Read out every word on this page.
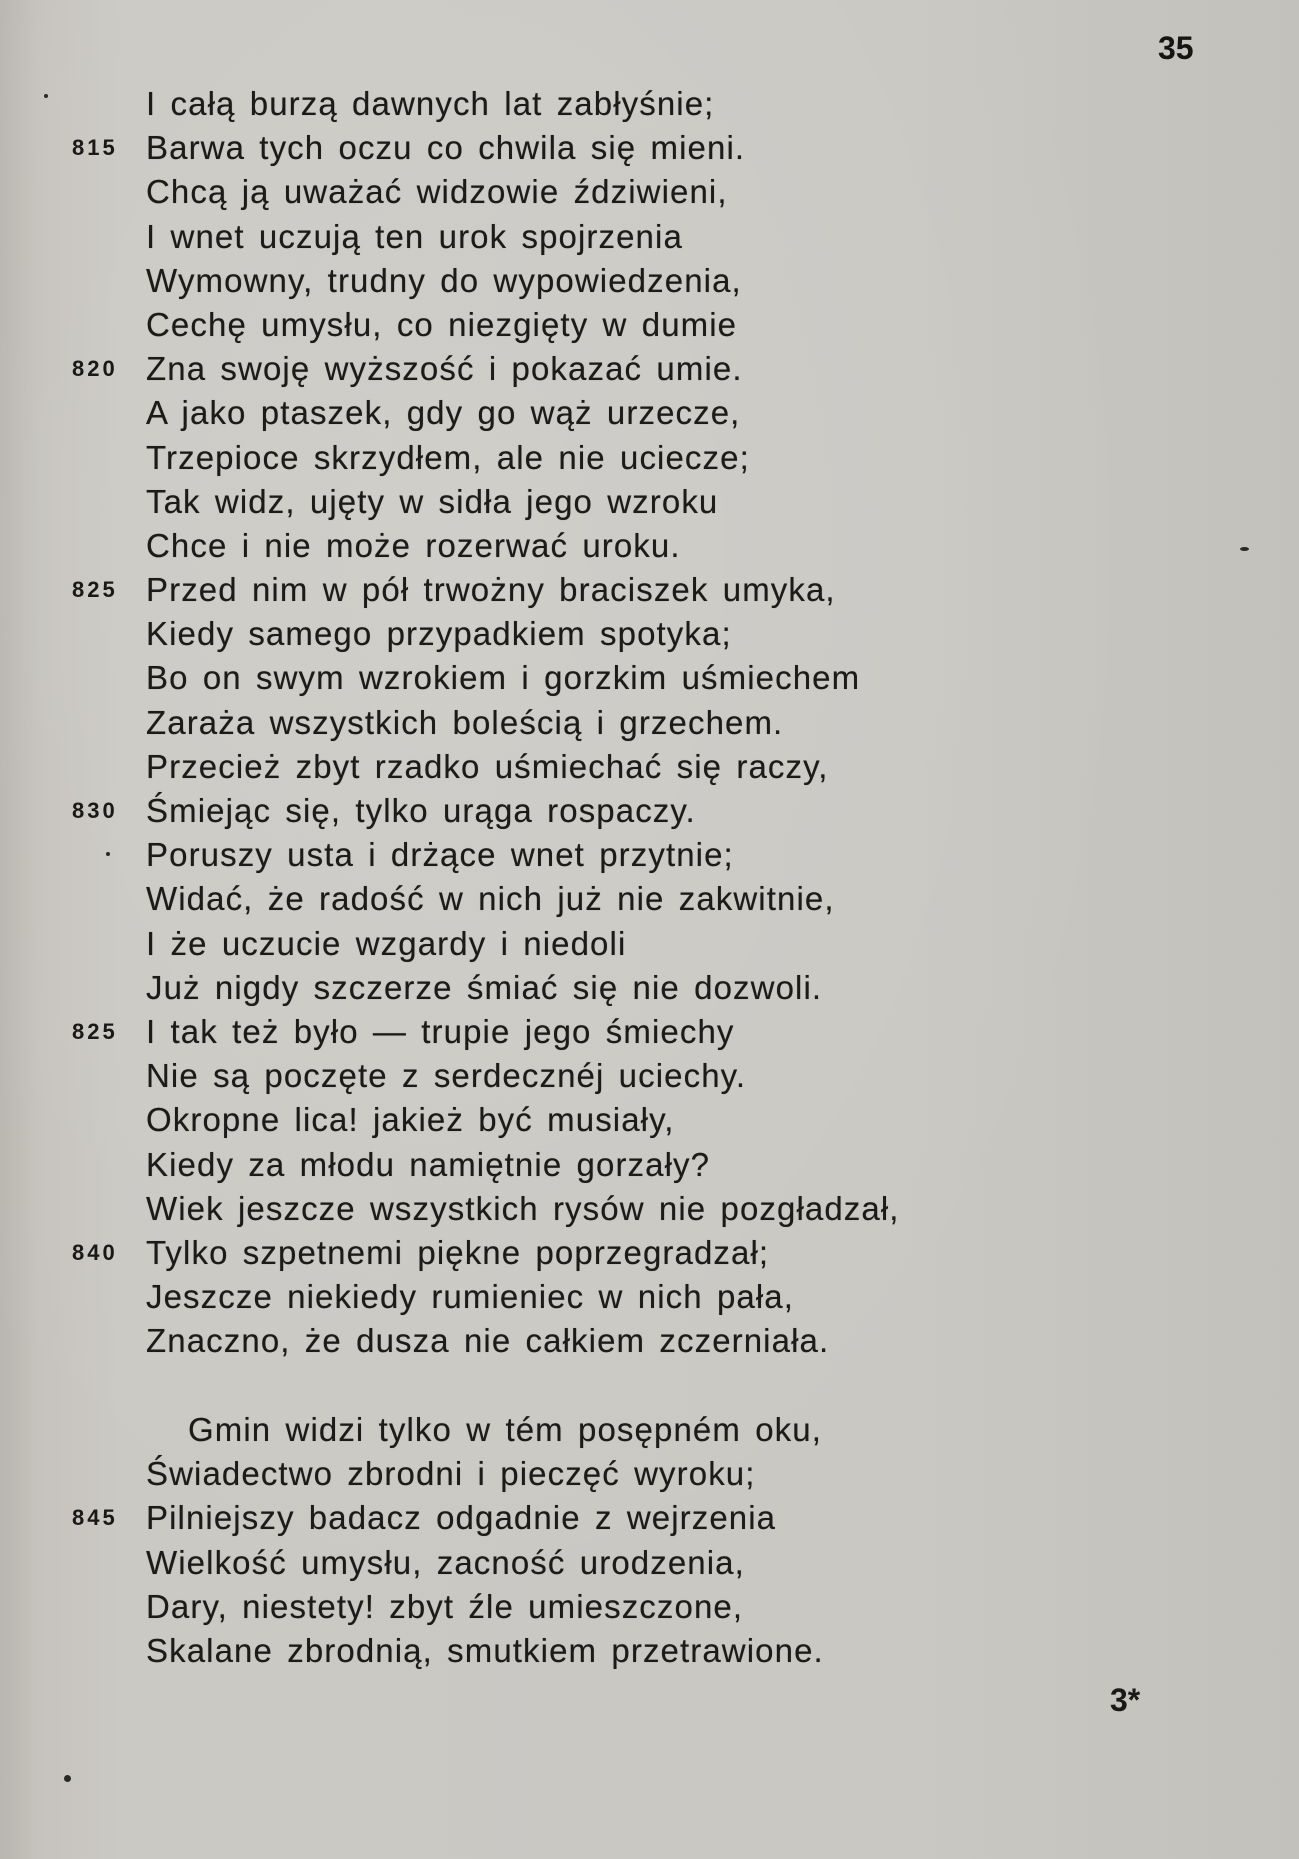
35
I całą burzą dawnych lat zabłyśnie;
815 Barwa tych oczu co chwila się mieni.
Chcą ją uważać widzowie ździwieni,
I wnet uczują ten urok spojrzenia
Wymowny, trudny do wypowiedzenia,
Cechę umysłu, co niezgięty w dumie
820 Zna swoję wyższość i pokazać umie.
A jako ptaszek, gdy go wąż urzecze,
Trzepioce skrzydłem, ale nie uciecze;
Tak widz, ujęty w sidła jego wzroku
Chce i nie może rozerwać uroku.
825 Przed nim w pół trwożny braciszek umyka,
Kiedy samego przypadkiem spotyka;
Bo on swym wzrokiem i gorzkim uśmiechem
Zaraża wszystkich boleścią i grzechem.
Przecież zbyt rzadko uśmiechać się raczy,
830 Śmiejąc się, tylko urąga rospaczy.
Poruszy usta i drżące wnet przytnie;
Widać, że radość w nich już nie zakwitnie,
I że uczucie wzgardy i niedoli
Już nigdy szczerze śmiać się nie dozwoli.
825 I tak też było — trupie jego śmiechy
Nie są poczęte z serdecznéj uciechy.
Okropne lica! jakież być musiały,
Kiedy za młodu namiętnie gorzały?
Wiek jeszcze wszystkich rysów nie pozgładzał,
840 Tylko szpetnemi piękne poprzegradzał;
Jeszcze niekiedy rumieniec w nich pała,
Znaczno, że dusza nie całkiem zczerniała.
Gmin widzi tylko w tém posępném oku,
Świadectwo zbrodni i pieczęć wyroku;
845 Pilniejszy badacz odgadnie z wejrzenia
Wielkość umysłu, zacność urodzenia,
Dary, niestety! zbyt źle umieszczone,
Skalane zbrodnią, smutkiem przetrawione.
3*
